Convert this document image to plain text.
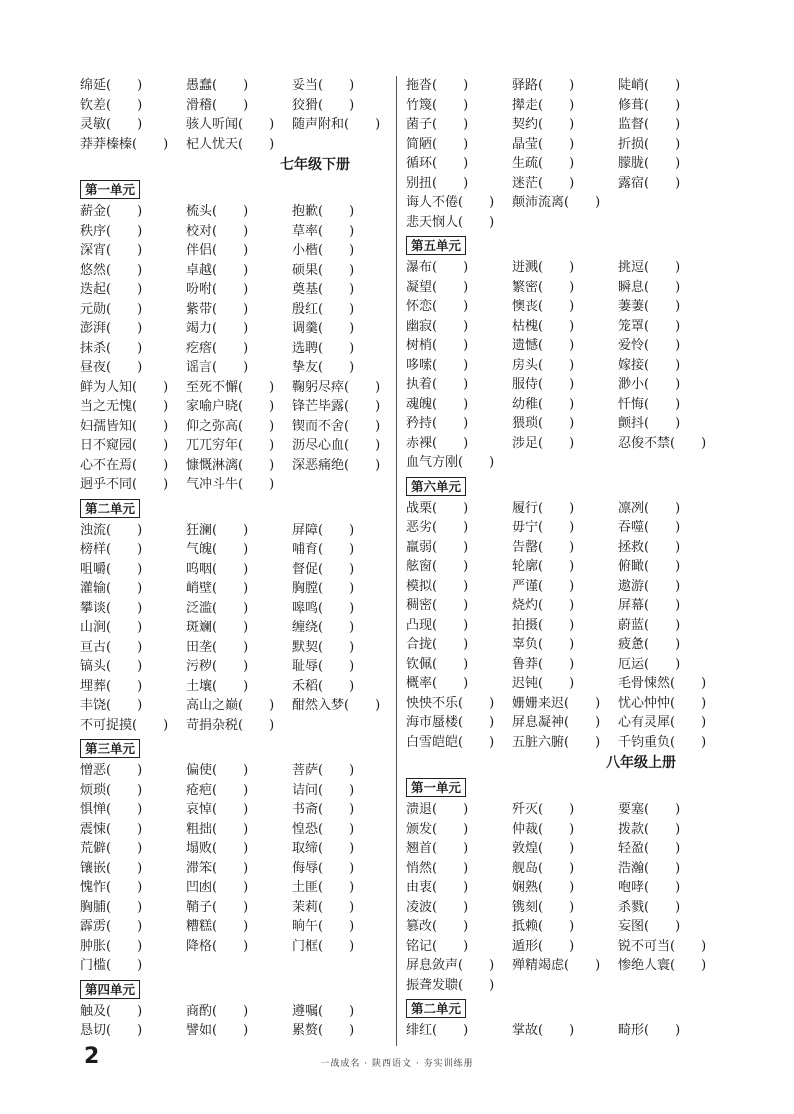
绵延(　　)	愚蠢(　　)	妥当(　　)
钦差(　　)	滑稽(　　)	狡猾(　　)
灵敏(　　)	骇人听闻(　　) 随声附和(　　)
莽莽榛榛(　　) 杞人忧天(　　)
七年级下册
第一单元
薪金(　　)	梳头(　　)	抱歉(　　)
秩序(　　)	校对(　　)	草率(　　)
深宵(　　)	伴侣(　　)	小楷(　　)
悠然(　　)	卓越(　　)	硕果(　　)
迭起(　　)	吩咐(　　)	奠基(　　)
元勋(　　)	紫带(　　)	殷红(　　)
澎湃(　　)	竭力(　　)	调羹(　　)
抹杀(　　)	疙瘩(　　)	选聘(　　)
昼夜(　　)	谣言(　　)	挚友(　　)
鲜为人知(　　) 至死不懈(　　) 鞠躬尽瘁(　　)
当之无愧(　　) 家喻户晓(　　) 锋芒毕露(　　)
妇孺皆知(　　) 仰之弥高(　　) 锲而不舍(　　)
日不窥园(　　) 兀兀穷年(　　) 沥尽心血(　　)
心不在焉(　　) 慷慨淋漓(　　) 深恶痛绝(　　)
迥乎不同(　　) 气冲斗牛(　　)
第二单元
浊流(　　)	狂澜(　　)	屏障(　　)
榜样(　　)	气魄(　　)	哺育(　　)
咀嚼(　　)	呜咽(　　)	督促(　　)
灌输(　　)	峭壁(　　)	胸膛(　　)
攀谈(　　)	泛滥(　　)	嗥鸣(　　)
山涧(　　)	斑斓(　　)	缠绕(　　)
亘古(　　)	田垄(　　)	默契(　　)
镐头(　　)	污秽(　　)	耻辱(　　)
埋葬(　　)	土壤(　　)	禾稻(　　)
丰饶(　　)	高山之巅(　　) 酣然入梦(　　)
不可捉摸(　　) 苛捐杂税(　　)
第三单元
憎恶(　　)	偏使(　　)	菩萨(　　)
烦琐(　　)	疮疤(　　)	诘问(　　)
惧惮(　　)	哀悼(　　)	书斋(　　)
震悚(　　)	粗拙(　　)	惶恐(　　)
荒僻(　　)	塌败(　　)	取缔(　　)
镶嵌(　　)	滞笨(　　)	侮辱(　　)
愧怍(　　)	凹凼(　　)	土匪(　　)
胸脯(　　)	鞘子(　　)	茉莉(　　)
霹雳(　　)	糟糕(　　)	晌午(　　)
肿胀(　　)	降格(　　)	门框(　　)
门槛(　　)
第四单元
触及(　　)	商酌(　　)	遵嘱(　　)
恳切(　　)	譬如(　　)	累赘(　　)
拖沓(　　)	驿路(　　)	陡峭(　　)
竹篾(　　)	撵走(　　)	修葺(　　)
菌子(　　)	契约(　　)	监督(　　)
简陋(　　)	晶莹(　　)	折损(　　)
循环(　　)	生疏(　　)	朦胧(　　)
别扭(　　)	迷茫(　　)	露宿(　　)
诲人不倦(　　) 颠沛流离(　　)
悲天悯人(　　)
第五单元
瀑布(　　)	迸溅(　　)	挑逗(　　)
凝望(　　)	繁密(　　)	瞬息(　　)
怀恋(　　)	懊丧(　　)	萋萋(　　)
幽寂(　　)	枯槐(　　)	笼罩(　　)
树梢(　　)	遗憾(　　)	爱怜(　　)
哆嗦(　　)	房头(　　)	嫁接(　　)
执着(　　)	服侍(　　)	渺小(　　)
魂魄(　　)	幼稚(　　)	忏悔(　　)
矜持(　　)	猥琐(　　)	颤抖(　　)
赤裸(　　)	涉足(　　)	忍俊不禁(　　)
血气方刚(　　)
第六单元
战栗(　　)	履行(　　)	凛冽(　　)
恶劣(　　)	毋宁(　　)	吞噬(　　)
羸弱(　　)	告罄(　　)	拯救(　　)
舷窗(　　)	轮廓(　　)	俯瞰(　　)
模拟(　　)	严谨(　　)	遨游(　　)
稠密(　　)	烧灼(　　)	屏幕(　　)
凸现(　　)	拍摄(　　)	蔚蓝(　　)
合拢(　　)	辜负(　　)	疲惫(　　)
钦佩(　　)	鲁莽(　　)	厄运(　　)
概率(　　)	迟钝(　　)	毛骨悚然(　　)
怏怏不乐(　　) 姗姗来迟(　　) 忧心忡忡(　　)
海市蜃楼(　　) 屏息凝神(　　) 心有灵犀(　　)
白雪皑皑(　　) 五脏六腑(　　) 千钧重负(　　)
八年级上册
第一单元
溃退(　　)	歼灭(　　)	要塞(　　)
颁发(　　)	仲裁(　　)	拨款(　　)
翘首(　　)	敦煌(　　)	轻盈(　　)
悄然(　　)	舰岛(　　)	浩瀚(　　)
由衷(　　)	娴熟(　　)	咆哮(　　)
凌波(　　)	镌刻(　　)	杀戮(　　)
篡改(　　)	抵赖(　　)	妄图(　　)
铭记(　　)	遁形(　　)	锐不可当(　　)
屏息敛声(　　) 殚精竭虑(　　) 惨绝人寰(　　)
振聋发聩(　　)
第二单元
绯红(　　)	掌故(　　)	畸形(　　)
2	一战成名 · 陕西语文 · 夯实训练册
